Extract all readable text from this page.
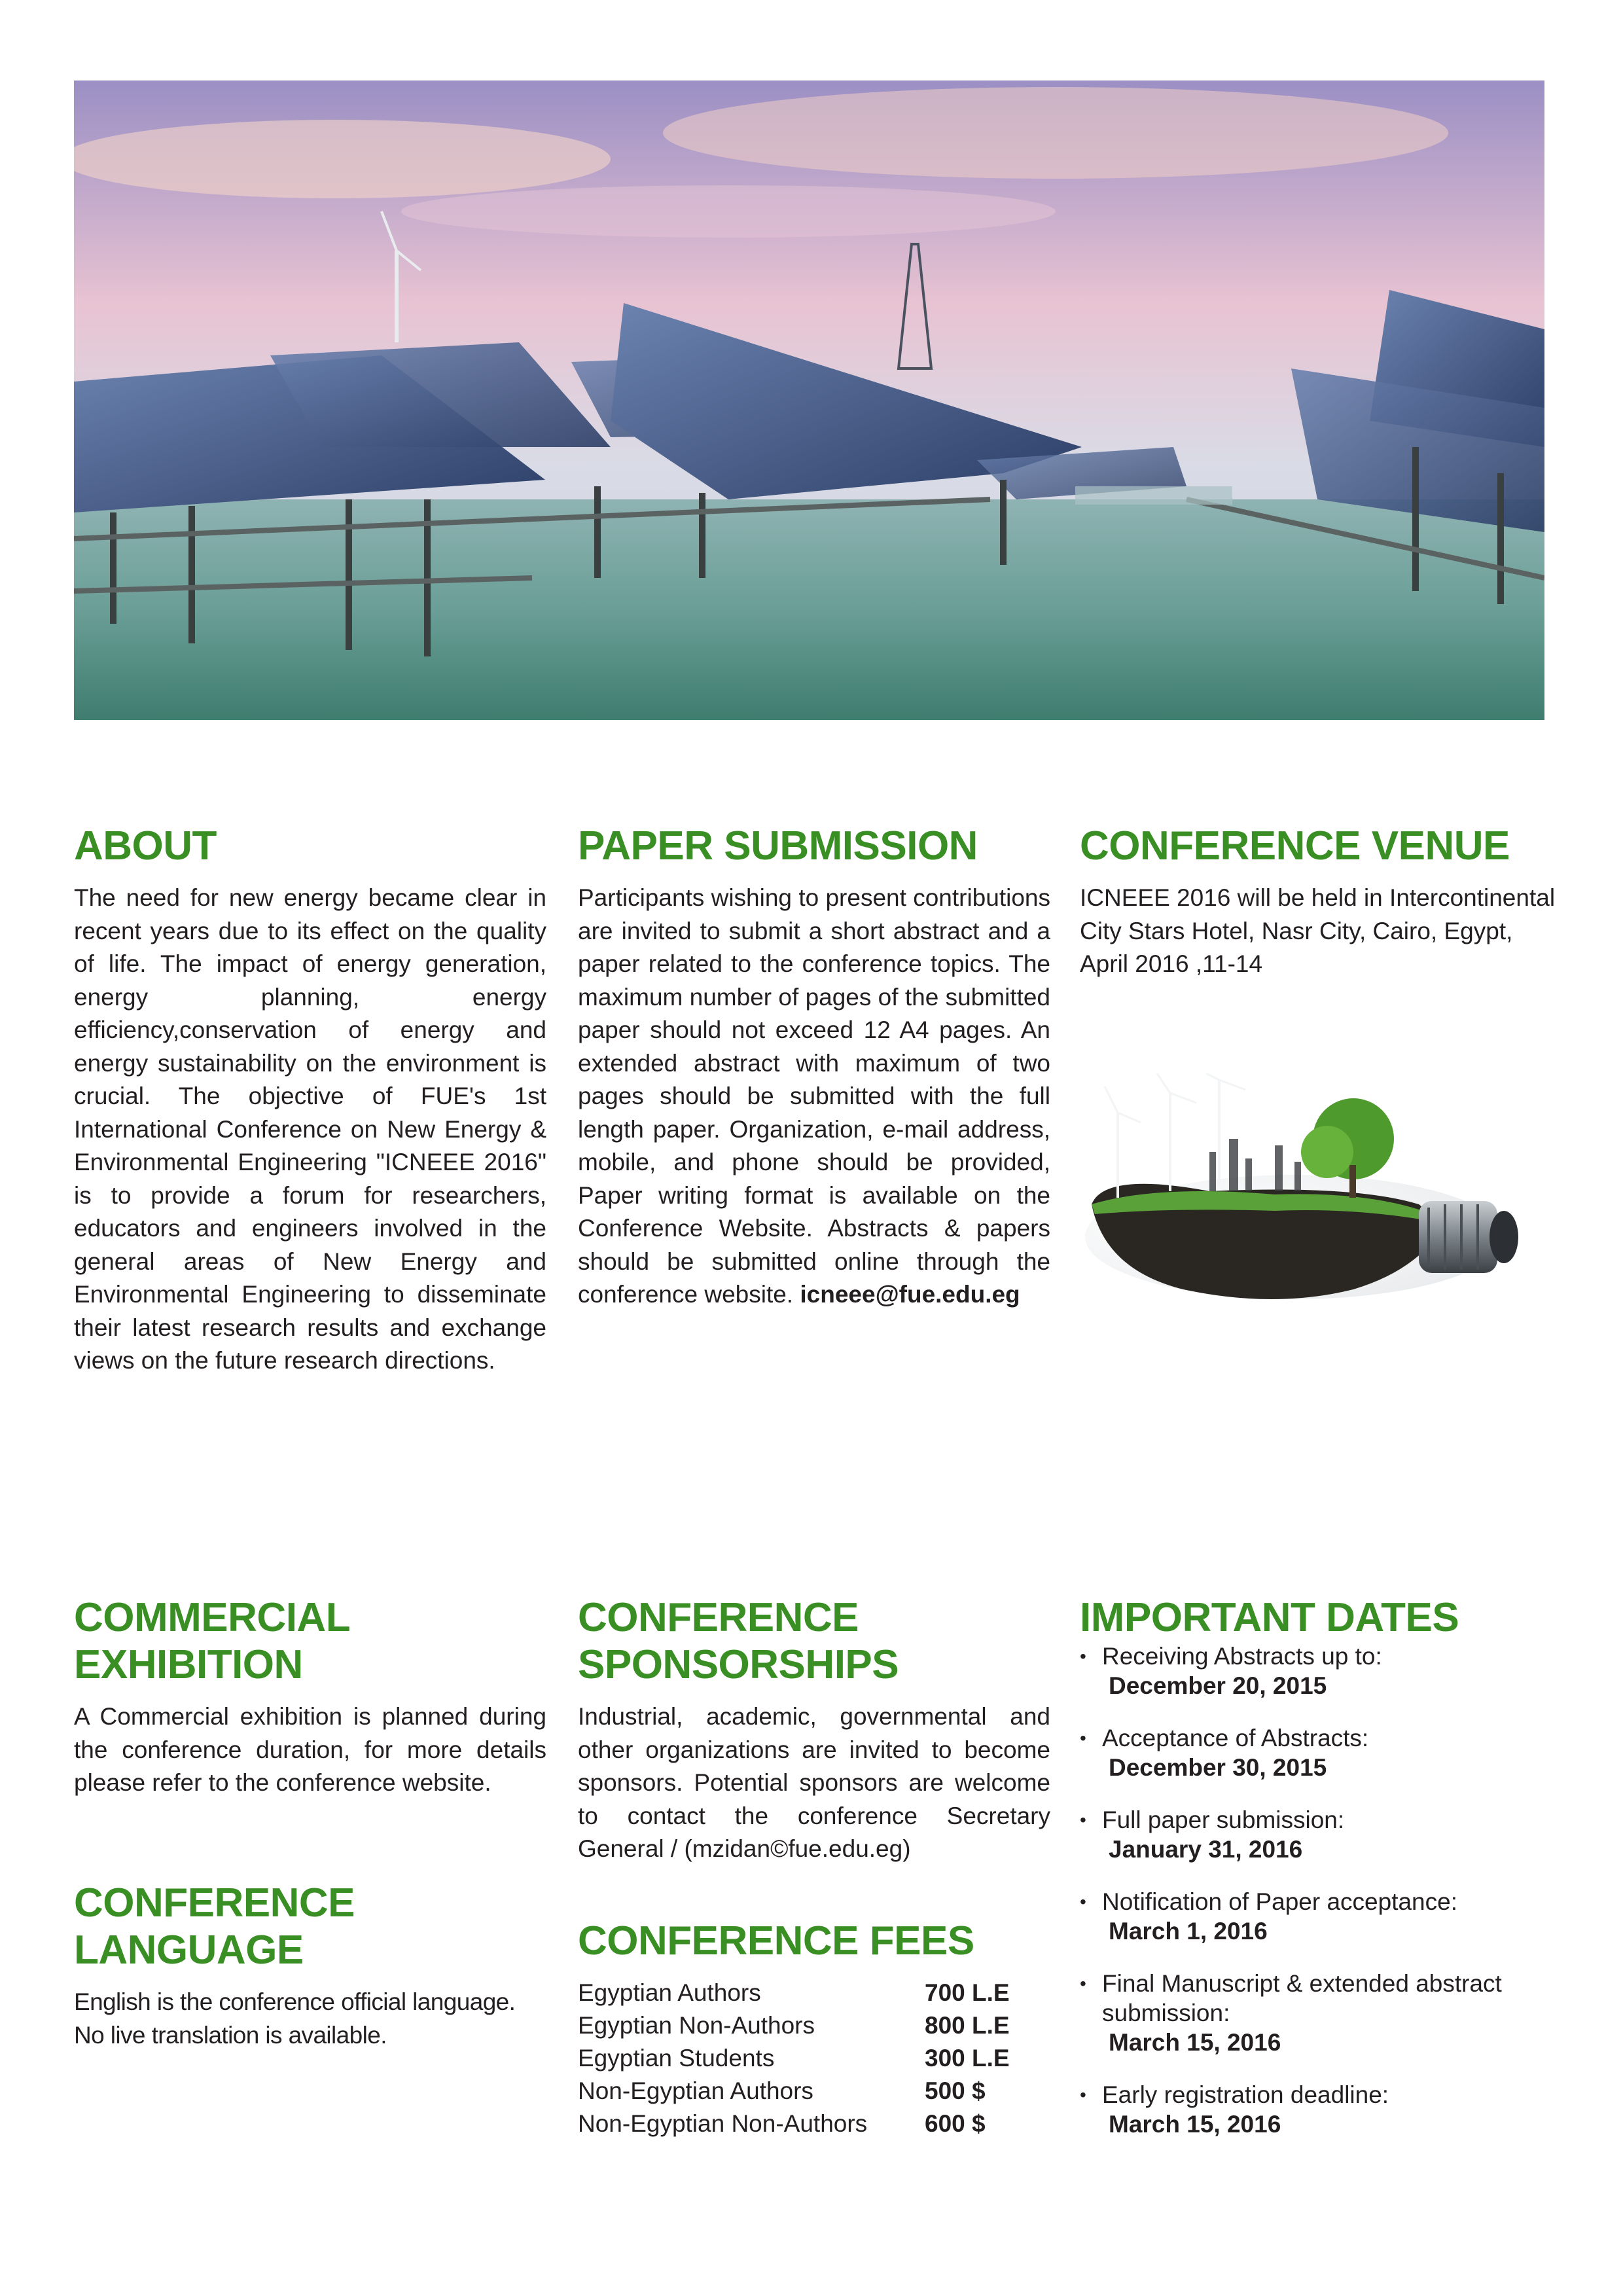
ABOUT
The need for new energy became clear in recent years due to its effect on the quality of life. The impact of energy generation, energy planning, energy efficiency,conservation of energy and energy sustainability on the environment is crucial. The objective of FUE's 1st International Conference on New Energy & Environmental Engineering "ICNEEE 2016" is to provide a forum for researchers, educators and engineers involved in the general areas of New Energy and Environmental Engineering to disseminate their latest research results and exchange views on the future research directions.
PAPER SUBMISSION
Participants wishing to present contributions are invited to submit a short abstract and a paper related to the conference topics. The maximum number of pages of the submitted paper should not exceed 12 A4 pages. An extended abstract with maximum of two pages should be submitted with the full length paper. Organization, e-mail address, mobile, and phone should be provided, Paper writing format is available on the Conference Website. Abstracts & papers should be submitted online through the conference website. icneee@fue.edu.eg
CONFERENCE VENUE
ICNEEE 2016 will be held in Intercontinental City Stars Hotel, Nasr City, Cairo, Egypt, April 2016 ,11-14
COMMERCIAL
EXHIBITION
A Commercial exhibition is planned during the conference duration, for more details please refer to the conference website.
CONFERENCE
LANGUAGE
English is the conference official language. No live translation is available.
CONFERENCE
SPONSORSHIPS
Industrial, academic, governmental and other organizations are invited to become sponsors. Potential sponsors are welcome to contact the conference Secretary General / (mzidan©fue.edu.eg)
CONFERENCE FEES
Egyptian Authors	700 L.E
Egyptian Non-Authors	800 L.E
Egyptian Students	300 L.E
Non-Egyptian Authors	500 $
Non-Egyptian Non-Authors	600 $
IMPORTANT DATES
• Receiving Abstracts up to:
December 20, 2015
• Acceptance of Abstracts:
December 30, 2015
• Full paper submission:
January 31, 2016
• Notification of Paper acceptance:
March 1, 2016
• Final Manuscript & extended abstract submission:
March 15, 2016
• Early registration deadline:
March 15, 2016
